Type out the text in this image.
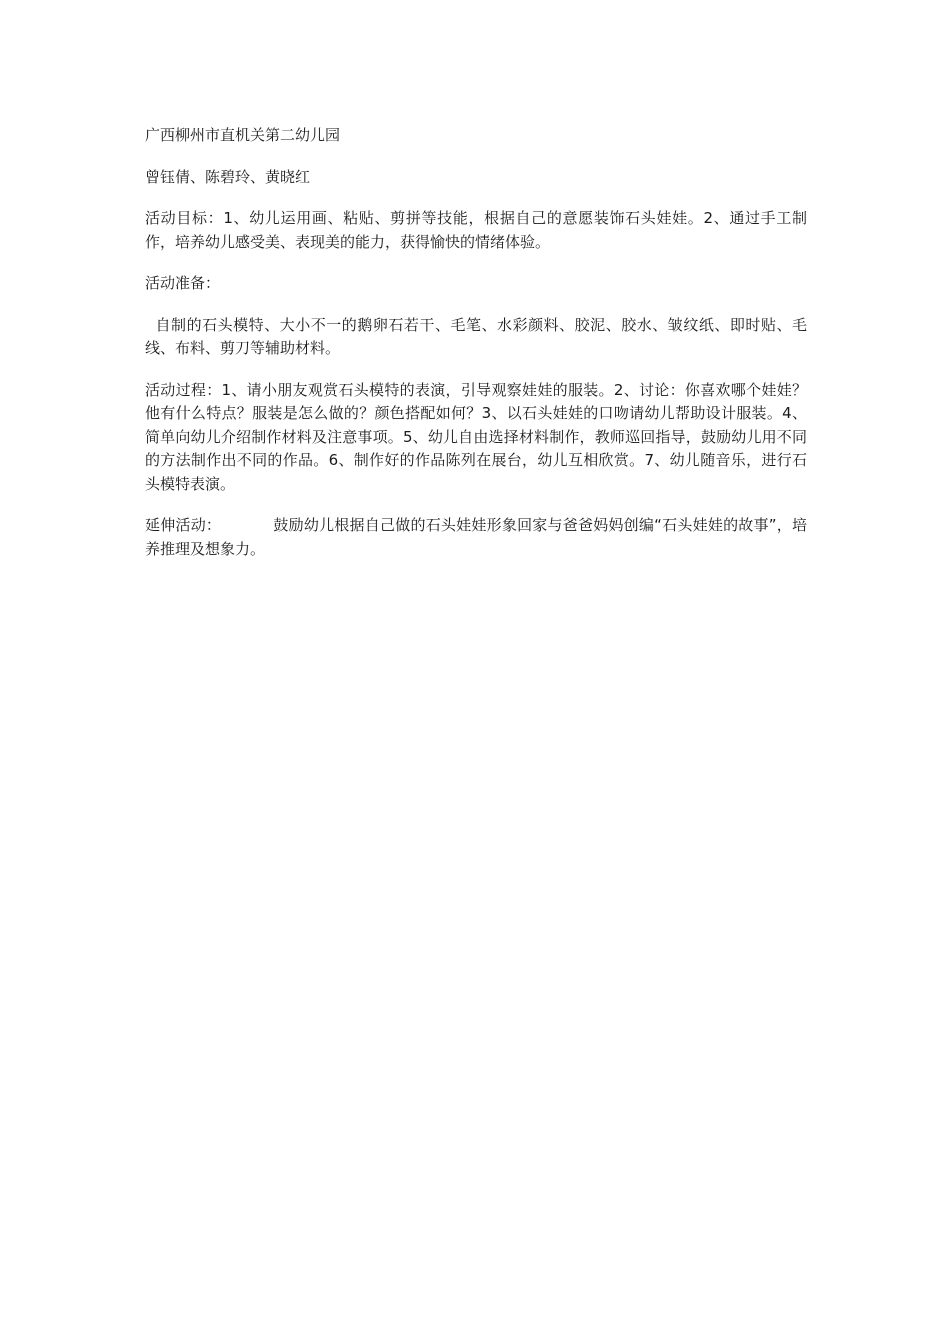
广西柳州市直机关第二幼儿园

曾钰倩、陈碧玲、黄晓红

活动目标：1、幼儿运用画、粘贴、剪拼等技能，根据自己的意愿装饰石头娃娃。2、通过手工制作，培养幼儿感受美、表现美的能力，获得愉快的情绪体验。

活动准备：

自制的石头模特、大小不一的鹅卵石若干、毛笔、水彩颜料、胶泥、胶水、皱纹纸、即时贴、毛线、布料、剪刀等辅助材料。

活动过程：1、请小朋友观赏石头模特的表演，引导观察娃娃的服装。2、讨论：你喜欢哪个娃娃？他有什么特点？服装是怎么做的？颜色搭配如何？3、以石头娃娃的口吻请幼儿帮助设计服装。4、简单向幼儿介绍制作材料及注意事项。5、幼儿自由选择材料制作，教师巡回指导，鼓励幼儿用不同的方法制作出不同的作品。6、制作好的作品陈列在展台，幼儿互相欣赏。7、幼儿随音乐，进行石头模特表演。

延伸活动：	鼓励幼儿根据自己做的石头娃娃形象回家与爸爸妈妈创编“石头娃娃的故事”，培养推理及想象力。
